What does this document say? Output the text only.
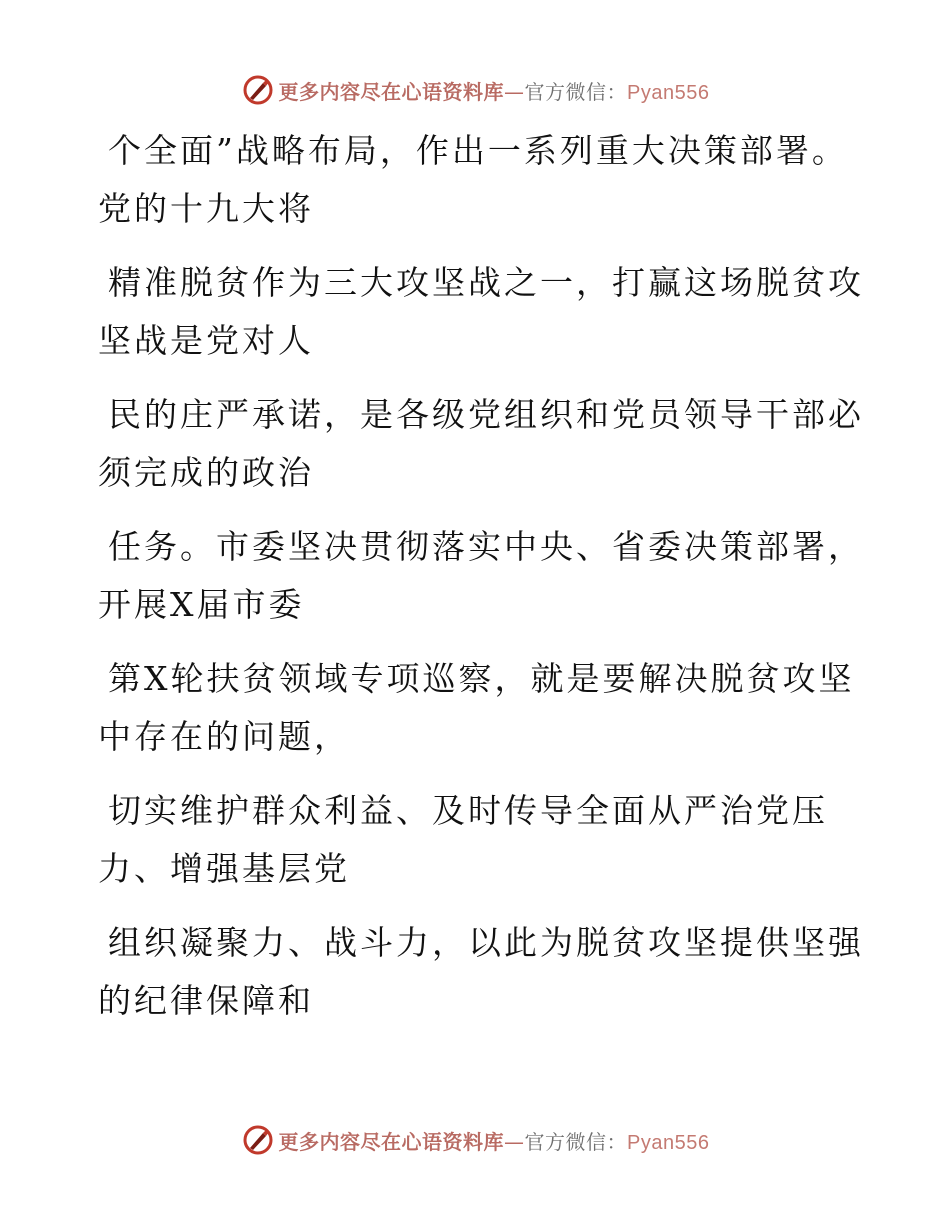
更多内容尽在心语资料库—官方微信：Pyan556

个全面”战略布局，作出一系列重大决策部署。
党的十九大将

精准脱贫作为三大攻坚战之一，打赢这场脱贫攻
坚战是党对人

民的庄严承诺，是各级党组织和党员领导干部必
须完成的政治

任务。市委坚决贯彻落实中央、省委决策部署，
开展X届市委

第X轮扶贫领域专项巡察，就是要解决脱贫攻坚
中存在的问题，

切实维护群众利益、及时传导全面从严治党压
力、增强基层党

组织凝聚力、战斗力，以此为脱贫攻坚提供坚强
的纪律保障和

更多内容尽在心语资料库—官方微信：Pyan556
